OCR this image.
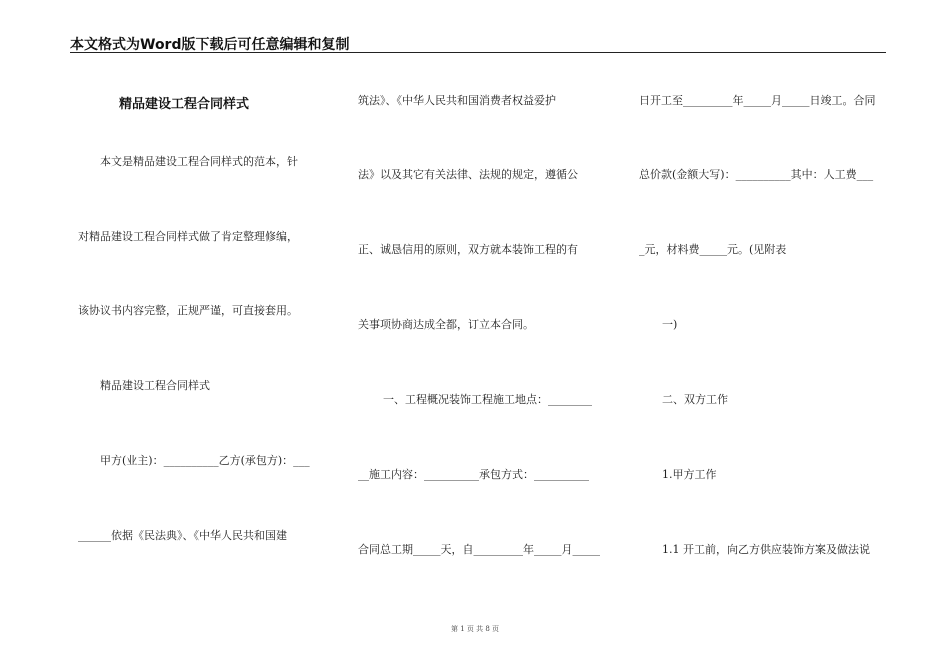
本文格式为Word版下载后可任意编辑和复制
精品建设工程合同样式
本文是精品建设工程合同样式的范本，针
对精品建设工程合同样式做了肯定整理修编，
该协议书内容完整，正规严谨，可直接套用。
精品建设工程合同样式
甲方(业主)：__________乙方(承包方)：___
______依据《民法典》、《中华人民共和国建
筑法》、《中华人民共和国消费者权益爱护
法》以及其它有关法律、法规的规定，遵循公
正、诚恳信用的原则，双方就本装饰工程的有
关事项协商达成全都，订立本合同。
一、工程概况装饰工程施工地点：________
__施工内容：__________承包方式：__________
合同总工期_____天，自_________年_____月_____
日开工至_________年_____月_____日竣工。合同
总价款(金额大写)：__________其中：人工费___
_元，材料费_____元。(见附表
一)
二、双方工作
1.甲方工作
1.1 开工前，向乙方供应装饰方案及做法说
第 1 页 共 8 页
